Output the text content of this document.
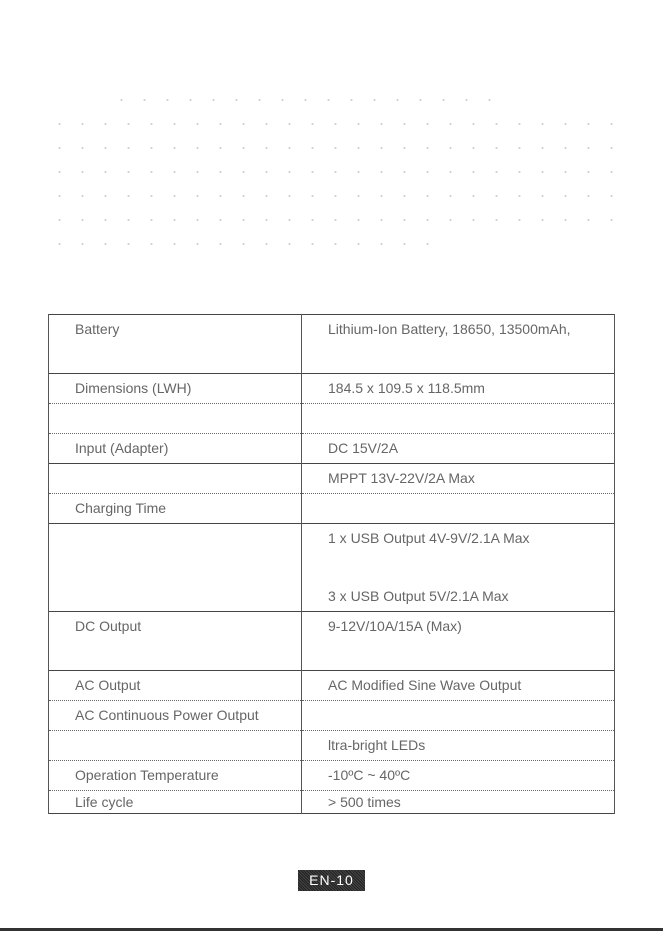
Battery	Lithium-Ion Battery, 18650, 13500mAh,

Dimensions (LWH)	184.5 x 109.5 x 118.5mm

Input (Adapter)	DC 15V/2A

	MPPT 13V-22V/2A Max

Charging Time	

	1 x USB Output 4V-9V/2.1A Max
3 x USB Output 5V/2.1A Max

DC Output	9-12V/10A/15A (Max)

AC Output	AC Modified Sine Wave Output

AC Continuous Power Output	

	ltra-bright LEDs

Operation Temperature	-10ºC ~ 40ºC

Life cycle	> 500 times
EN-10
